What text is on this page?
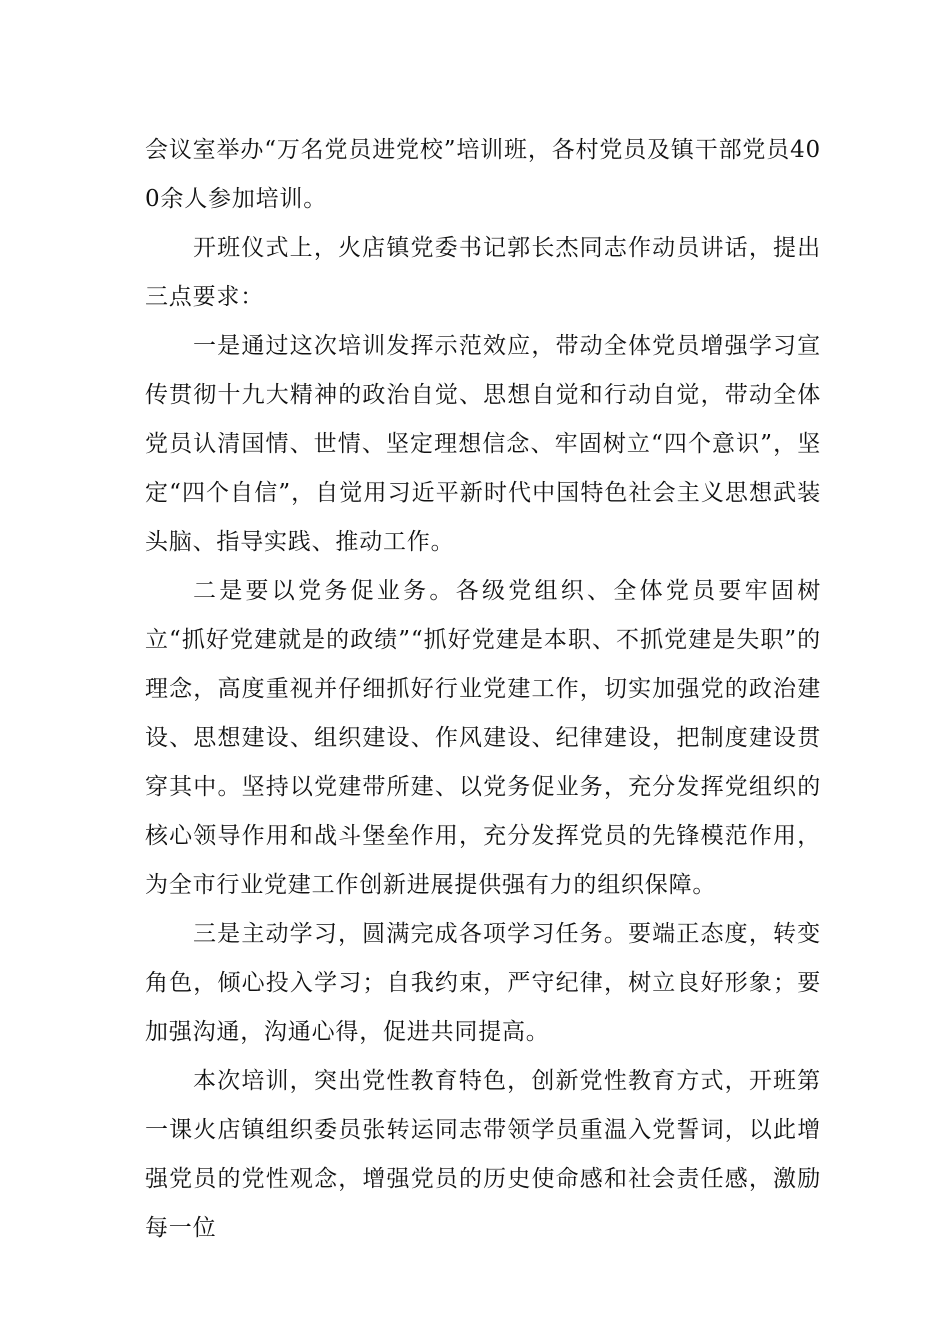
会议室举办“万名党员进党校”培训班，各村党员及镇干部党员400余人参加培训。

开班仪式上，火店镇党委书记郭长杰同志作动员讲话，提出三点要求：

一是通过这次培训发挥示范效应，带动全体党员增强学习宣传贯彻十九大精神的政治自觉、思想自觉和行动自觉，带动全体党员认清国情、世情、坚定理想信念、牢固树立“四个意识”，坚定“四个自信”，自觉用习近平新时代中国特色社会主义思想武装头脑、指导实践、推动工作。

二是要以党务促业务。各级党组织、全体党员要牢固树立“抓好党建就是的政绩”“抓好党建是本职、不抓党建是失职”的理念，高度重视并仔细抓好行业党建工作，切实加强党的政治建设、思想建设、组织建设、作风建设、纪律建设，把制度建设贯穿其中。坚持以党建带所建、以党务促业务，充分发挥党组织的核心领导作用和战斗堡垒作用，充分发挥党员的先锋模范作用，为全市行业党建工作创新进展提供强有力的组织保障。

三是主动学习，圆满完成各项学习任务。要端正态度，转变角色，倾心投入学习；自我约束，严守纪律，树立良好形象；要加强沟通，沟通心得，促进共同提高。

本次培训，突出党性教育特色，创新党性教育方式，开班第一课火店镇组织委员张转运同志带领学员重温入党誓词，以此增强党员的党性观念，增强党员的历史使命感和社会责任感，激励每一位
